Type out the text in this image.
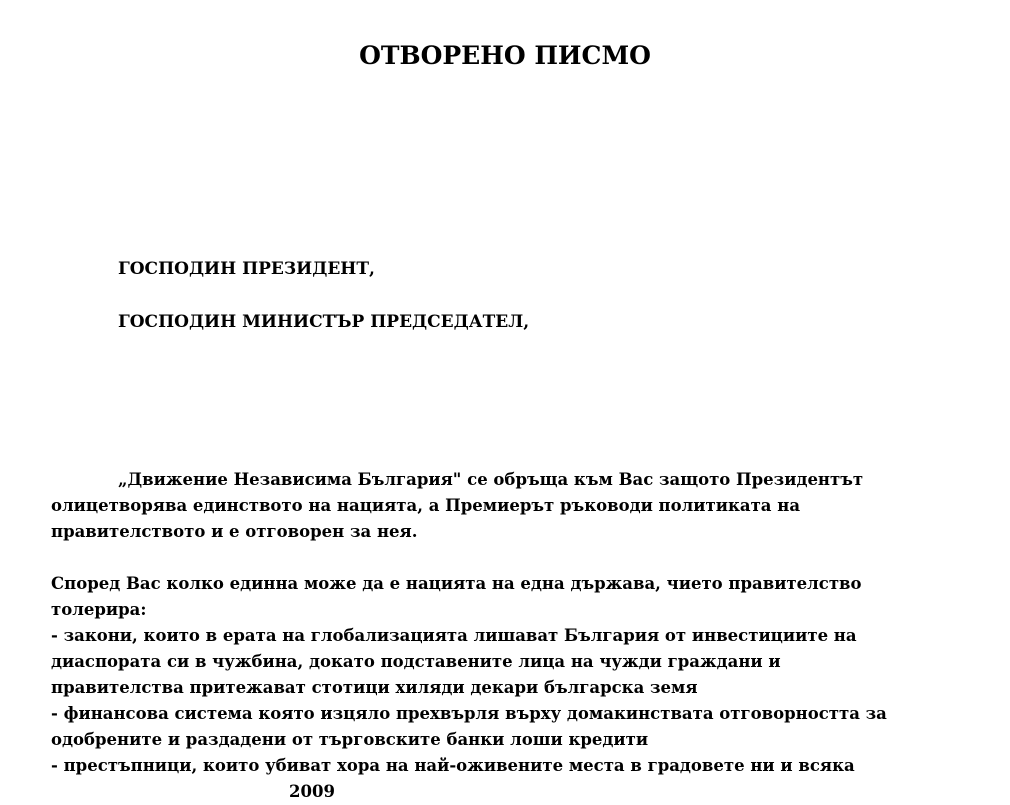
ОТВОРЕНО ПИСМО
ГОСПОДИН ПРЕЗИДЕНТ,
ГОСПОДИН МИНИСТЪР ПРЕДСЕДАТЕЛ,
„Движение Независима България" се обръща към Вас защото Президентът
олицетворява единството на нацията, а Премиерът ръководи политиката на
правителството и е отговорен за нея.
Според Вас колко единна може да е нацията на една държава, чието правителство
толерира:
- закони, които в ерата на глобализацията лишават България от инвестициите на
диаспората си в чужбина, докато подставените лица на чужди граждани и
правителства притежават стотици хиляди декари българска земя
- финансова система която изцяло прехвърля върху домакинствата отговорността за
одобрените и раздадени от търговските банки лоши кредити
- престъпници, които убиват хора на най-оживените места в градовете ни и всяка
2009
